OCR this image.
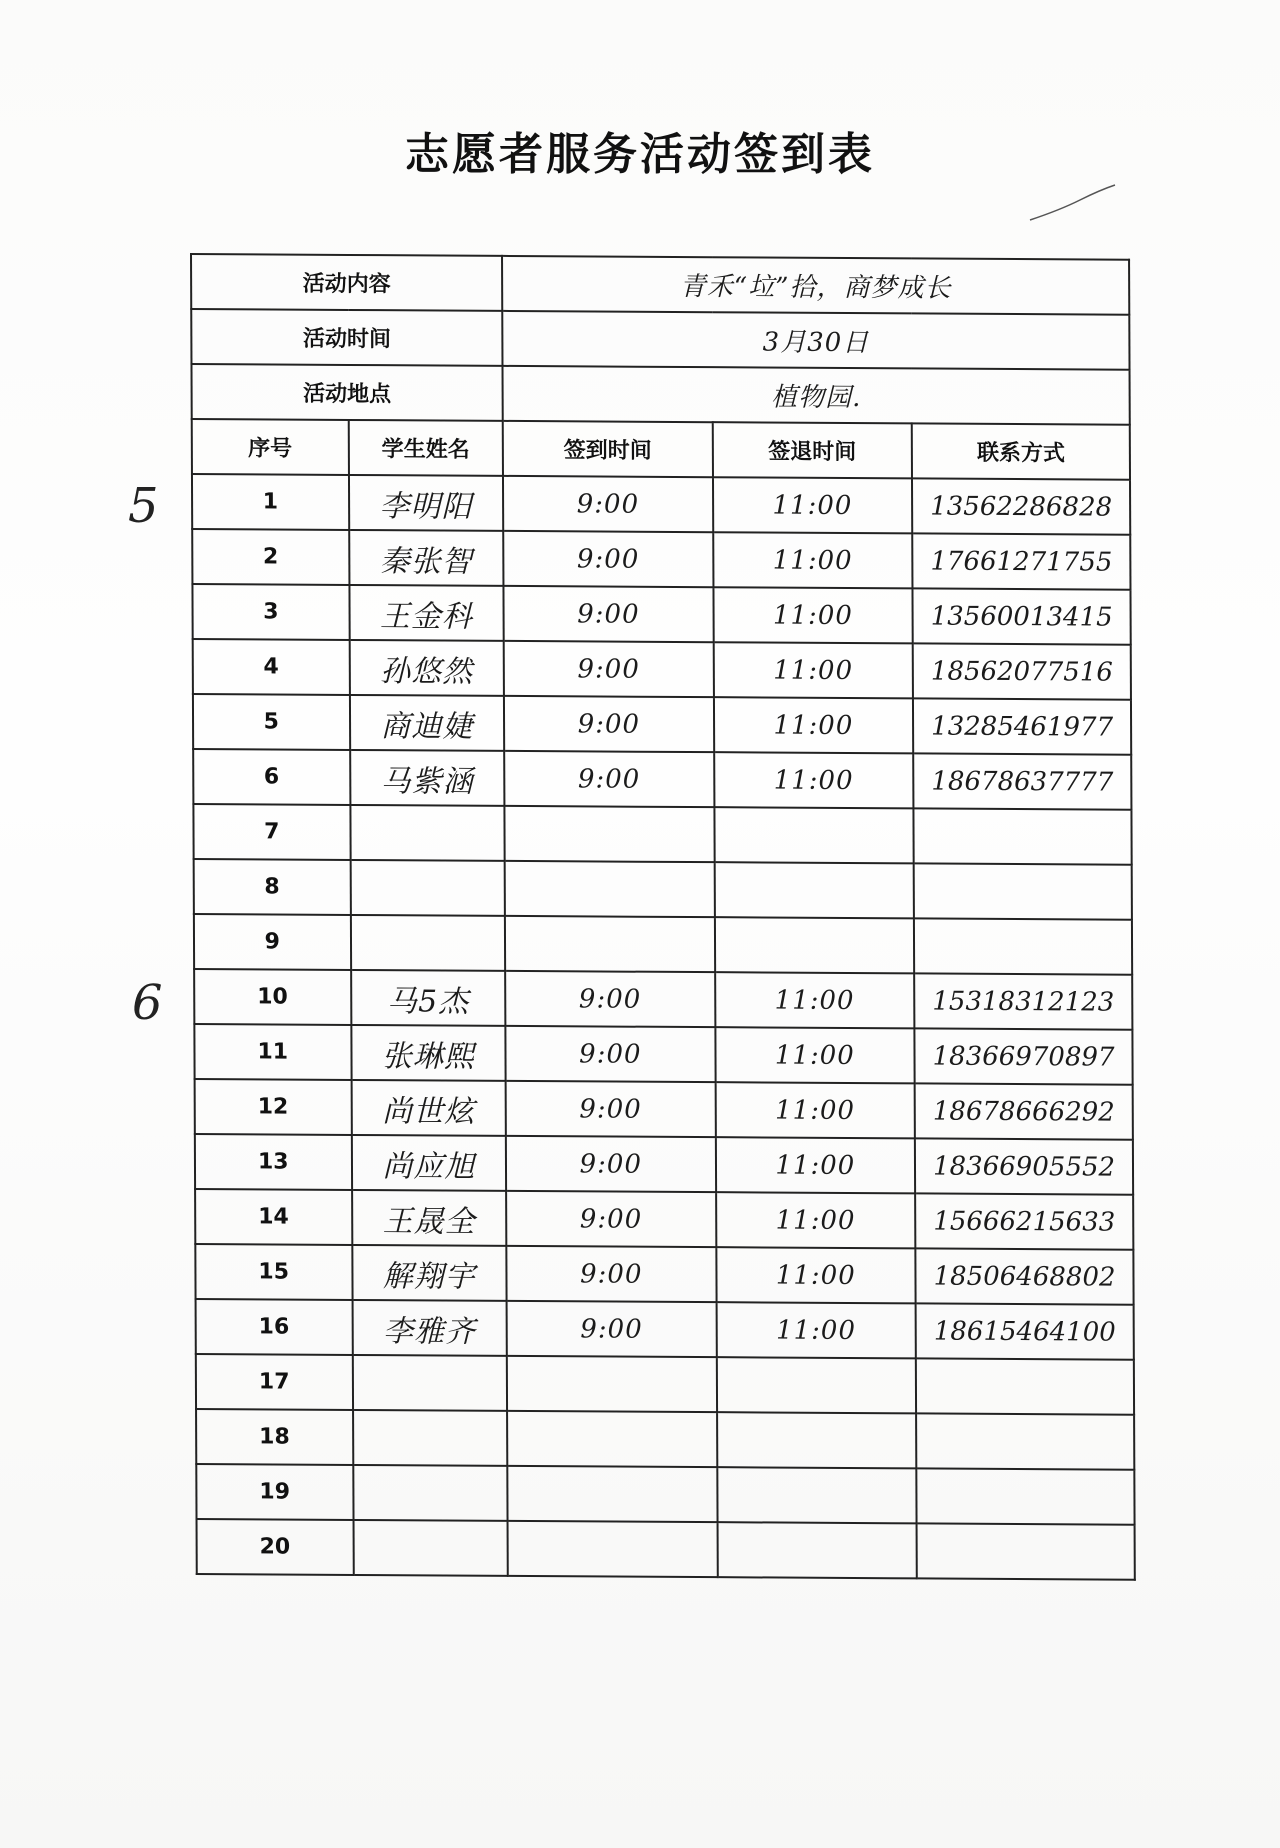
志愿者服务活动签到表
5
6
活动内容		青禾“垃”拾，商梦成长		
活动时间		3月30日		
活动地点		植物园.		
序号	学生姓名	签到时间	签退时间	联系方式
1	李明阳	9:00	11:00	13562286828
2	秦张智	9:00	11:00	17661271755
3	王金科	9:00	11:00	13560013415
4	孙悠然	9:00	11:00	18562077516
5	商迪婕	9:00	11:00	13285461977
6	马紫涵	9:00	11:00	18678637777
7				
8				
9				
10	马5杰	9:00	11:00	15318312123
11	张琳熙	9:00	11:00	18366970897
12	尚世炫	9:00	11:00	18678666292
13	尚应旭	9:00	11:00	18366905552
14	王晟全	9:00	11:00	15666215633
15	解翔宇	9:00	11:00	18506468802
16	李雅齐	9:00	11:00	18615464100
17				
18				
19				
20				
